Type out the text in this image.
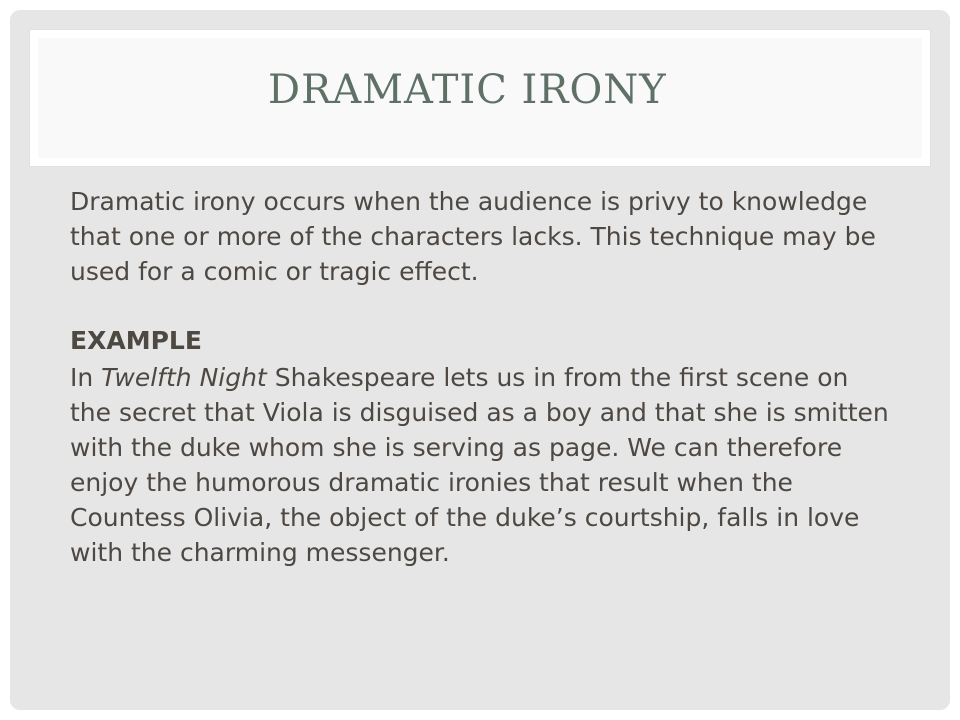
DRAMATIC IRONY

Dramatic irony occurs when the audience is privy to knowledge that one or more of the characters lacks. This technique may be used for a comic or tragic effect.

EXAMPLE

In Twelfth Night Shakespeare lets us in from the first scene on the secret that Viola is disguised as a boy and that she is smitten with the duke whom she is serving as page. We can therefore enjoy the humorous dramatic ironies that result when the Countess Olivia, the object of the duke’s courtship, falls in love with the charming messenger.
